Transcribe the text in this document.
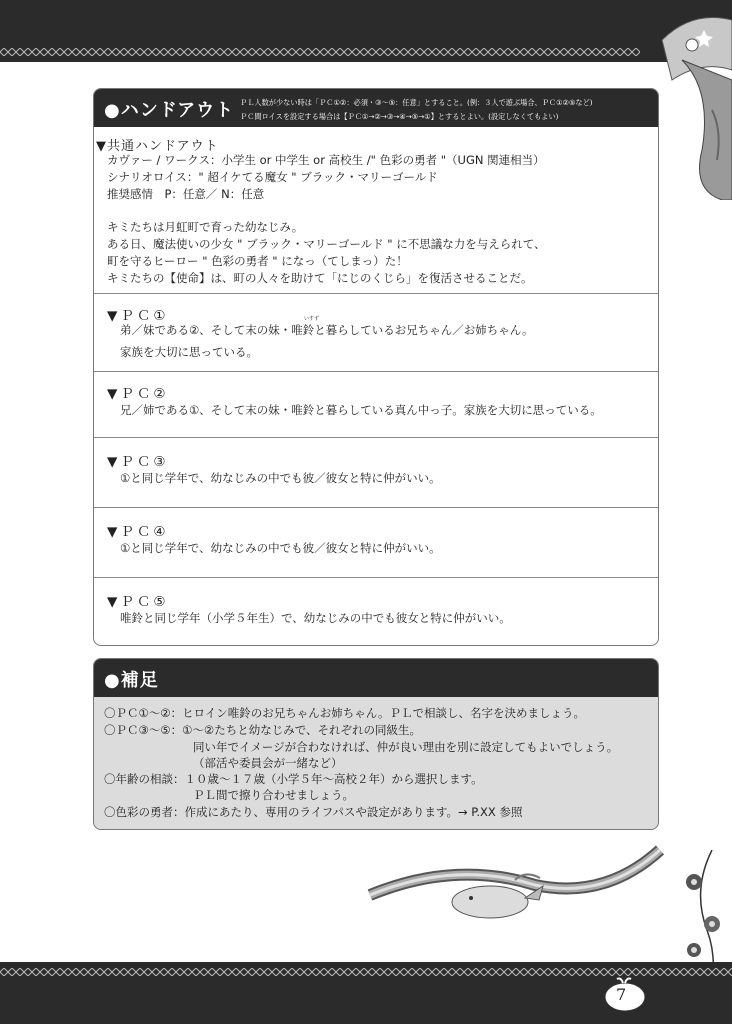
●ハンドアウト ＰＬ人数が少ない時は「ＰＣ①②：必須・③〜⑤：任意」とすること。(例：３人で遊ぶ場合、ＰＣ①②⑤など)
ＰＣ間ロイスを設定する場合は【ＰＣ①→②→③→④→⑤→①】とするとよい。(設定しなくてもよい)
▼共通ハンドアウト
カヴァー / ワークス：小学生 or 中学生 or 高校生 /" 色彩の勇者 "（UGN 関連相当）
シナリオロイス：" 超イケてる魔女 " ブラック・マリーゴールド
推奨感情　P：任意／ N：任意
キミたちは月虹町で育った幼なじみ。
ある日、魔法使いの少女 " ブラック・マリーゴールド " に不思議な力を与えられて、
町を守るヒーロー " 色彩の勇者 " になっ（てしまっ）た！
キミたちの【使命】は、町の人々を助けて「にじのくじら」を復活させることだ。
▼ＰＣ①	いすず
弟／妹である②、そして末の妹・唯鈴と暮らしているお兄ちゃん／お姉ちゃん。
家族を大切に思っている。
▼ＰＣ②
兄／姉である①、そして末の妹・唯鈴と暮らしている真ん中っ子。家族を大切に思っている。
▼ＰＣ③
①と同じ学年で、幼なじみの中でも彼／彼女と特に仲がいい。
▼ＰＣ④
①と同じ学年で、幼なじみの中でも彼／彼女と特に仲がいい。
▼ＰＣ⑤
唯鈴と同じ学年（小学５年生）で、幼なじみの中でも彼女と特に仲がいい。
●補足
〇ＰＣ①〜②：ヒロイン唯鈴のお兄ちゃんお姉ちゃん。ＰＬで相談し、名字を決めましょう。
〇ＰＣ③〜⑤：①〜②たちと幼なじみで、それぞれの同級生。
同い年でイメージが合わなければ、仲が良い理由を別に設定してもよいでしょう。
（部活や委員会が一緒など）
〇年齢の相談：１０歳〜１７歳（小学５年〜高校２年）から選択します。
ＰＬ間で擦り合わせましょう。
〇色彩の勇者：作成にあたり、専用のライフパスや設定があります。→ P.XX 参照
7
